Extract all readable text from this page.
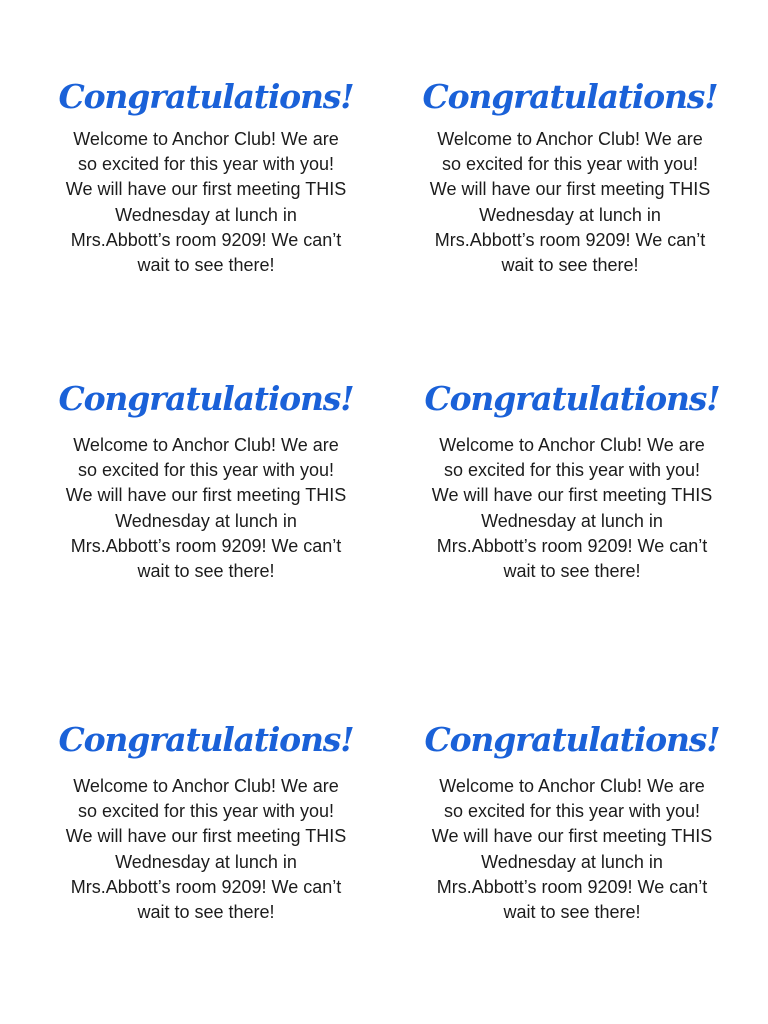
Congratulations!

Welcome to Anchor Club! We are
so excited for this year with you!
We will have our first meeting THIS
Wednesday at lunch in
Mrs.Abbott’s room 9209! We can’t
wait to see there!

Congratulations!

Welcome to Anchor Club! We are
so excited for this year with you!
We will have our first meeting THIS
Wednesday at lunch in
Mrs.Abbott’s room 9209! We can’t
wait to see there!

Congratulations!

Welcome to Anchor Club! We are
so excited for this year with you!
We will have our first meeting THIS
Wednesday at lunch in
Mrs.Abbott’s room 9209! We can’t
wait to see there!

Congratulations!

Welcome to Anchor Club! We are
so excited for this year with you!
We will have our first meeting THIS
Wednesday at lunch in
Mrs.Abbott’s room 9209! We can’t
wait to see there!

Congratulations!

Welcome to Anchor Club! We are
so excited for this year with you!
We will have our first meeting THIS
Wednesday at lunch in
Mrs.Abbott’s room 9209! We can’t
wait to see there!

Congratulations!

Welcome to Anchor Club! We are
so excited for this year with you!
We will have our first meeting THIS
Wednesday at lunch in
Mrs.Abbott’s room 9209! We can’t
wait to see there!
